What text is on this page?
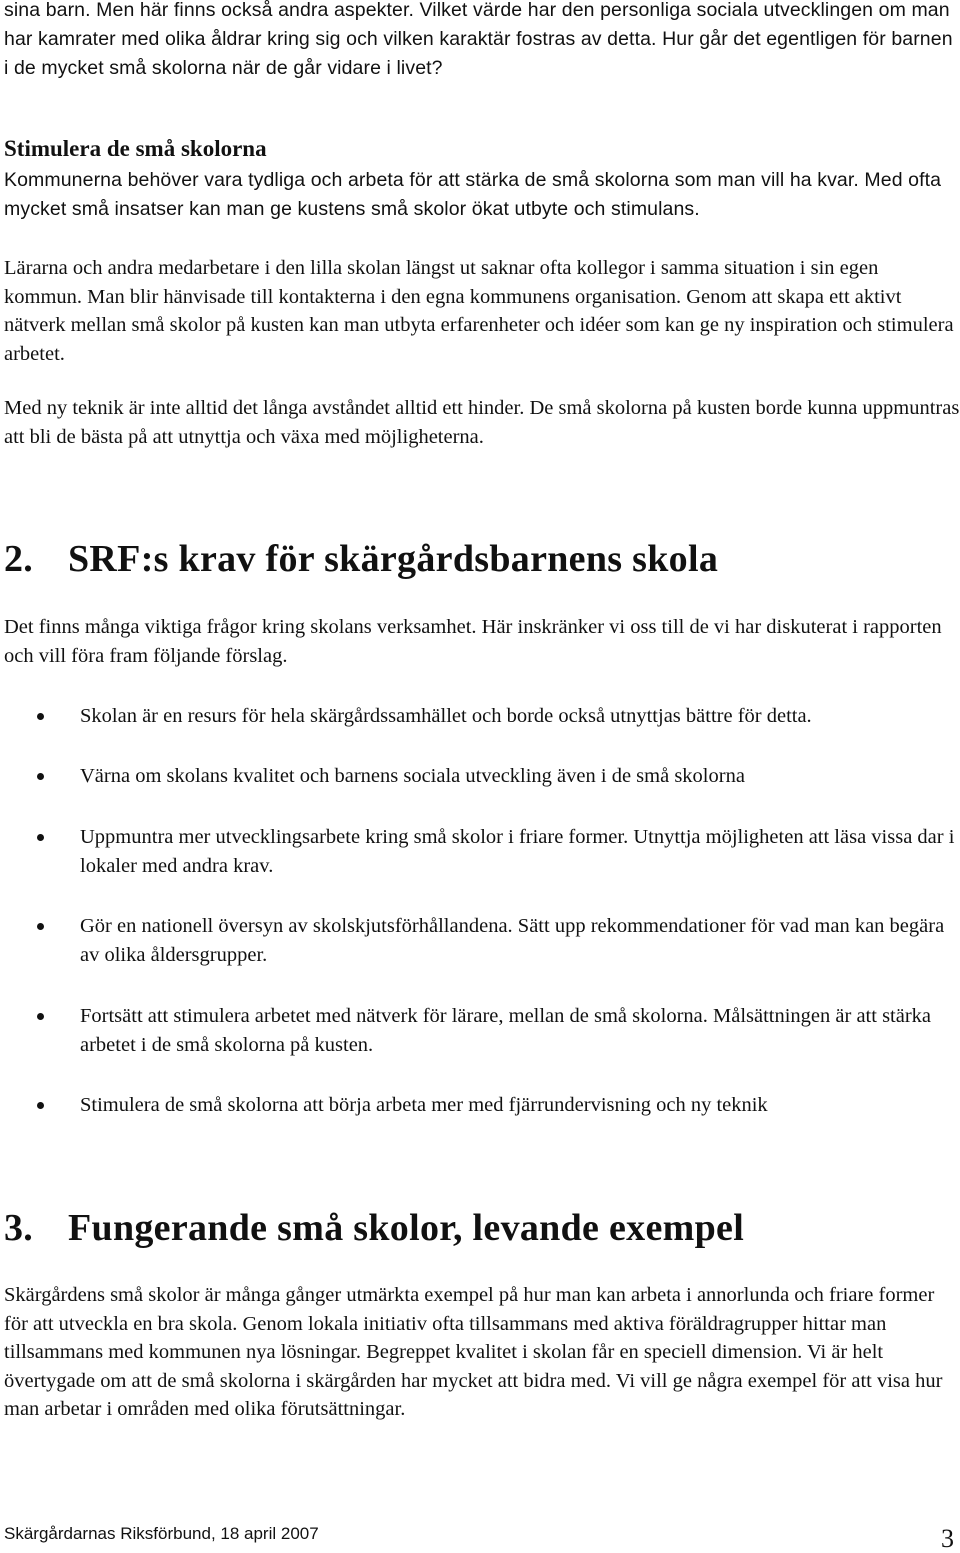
sina barn. Men här finns också andra aspekter. Vilket värde har den personliga sociala utvecklingen om man har kamrater med olika åldrar kring sig och vilken karaktär fostras av detta. Hur går det egentligen för barnen i de mycket små skolorna när de går vidare i livet?

Stimulera de små skolorna

Kommunerna behöver vara tydliga och arbeta för att stärka de små skolorna som man vill ha kvar. Med ofta mycket små insatser kan man ge kustens små skolor ökat utbyte och stimulans.

Lärarna och andra medarbetare i den lilla skolan längst ut saknar ofta kollegor i samma situation i sin egen kommun. Man blir hänvisade till kontakterna i den egna kommunens organisation. Genom att skapa ett aktivt nätverk mellan små skolor på kusten kan man utbyta erfarenheter och idéer som kan ge ny inspiration och stimulera arbetet.

Med ny teknik är inte alltid det långa avståndet alltid ett hinder. De små skolorna på kusten borde kunna uppmuntras att bli de bästa på att utnyttja och växa med möjligheterna.

2. SRF:s krav för skärgårdsbarnens skola

Det finns många viktiga frågor kring skolans verksamhet. Här inskränker vi oss till de vi har diskuterat i rapporten och vill föra fram följande förslag.

Skolan är en resurs för hela skärgårdssamhället och borde också utnyttjas bättre för detta.
Värna om skolans kvalitet och barnens sociala utveckling även i de små skolorna
Uppmuntra mer utvecklingsarbete kring små skolor i friare former. Utnyttja möjligheten att läsa vissa dar i lokaler med andra krav.
Gör en nationell översyn av skolskjutsförhållandena. Sätt upp rekommendationer för vad man kan begära av olika åldersgrupper.
Fortsätt att stimulera arbetet med nätverk för lärare, mellan de små skolorna. Målsättningen är att stärka arbetet i de små skolorna på kusten.
Stimulera de små skolorna att börja arbeta mer med fjärrundervisning och ny teknik
3. Fungerande små skolor, levande exempel

Skärgårdens små skolor är många gånger utmärkta exempel på hur man kan arbeta i annorlunda och friare former för att utveckla en bra skola. Genom lokala initiativ ofta tillsammans med aktiva föräldragrupper hittar man tillsammans med kommunen nya lösningar. Begreppet kvalitet i skolan får en speciell dimension. Vi är helt övertygade om att de små skolorna i skärgården har mycket att bidra med. Vi vill ge några exempel för att visa hur man arbetar i områden med olika förutsättningar.

Skärgårdarnas Riksförbund, 18 april 2007	3
